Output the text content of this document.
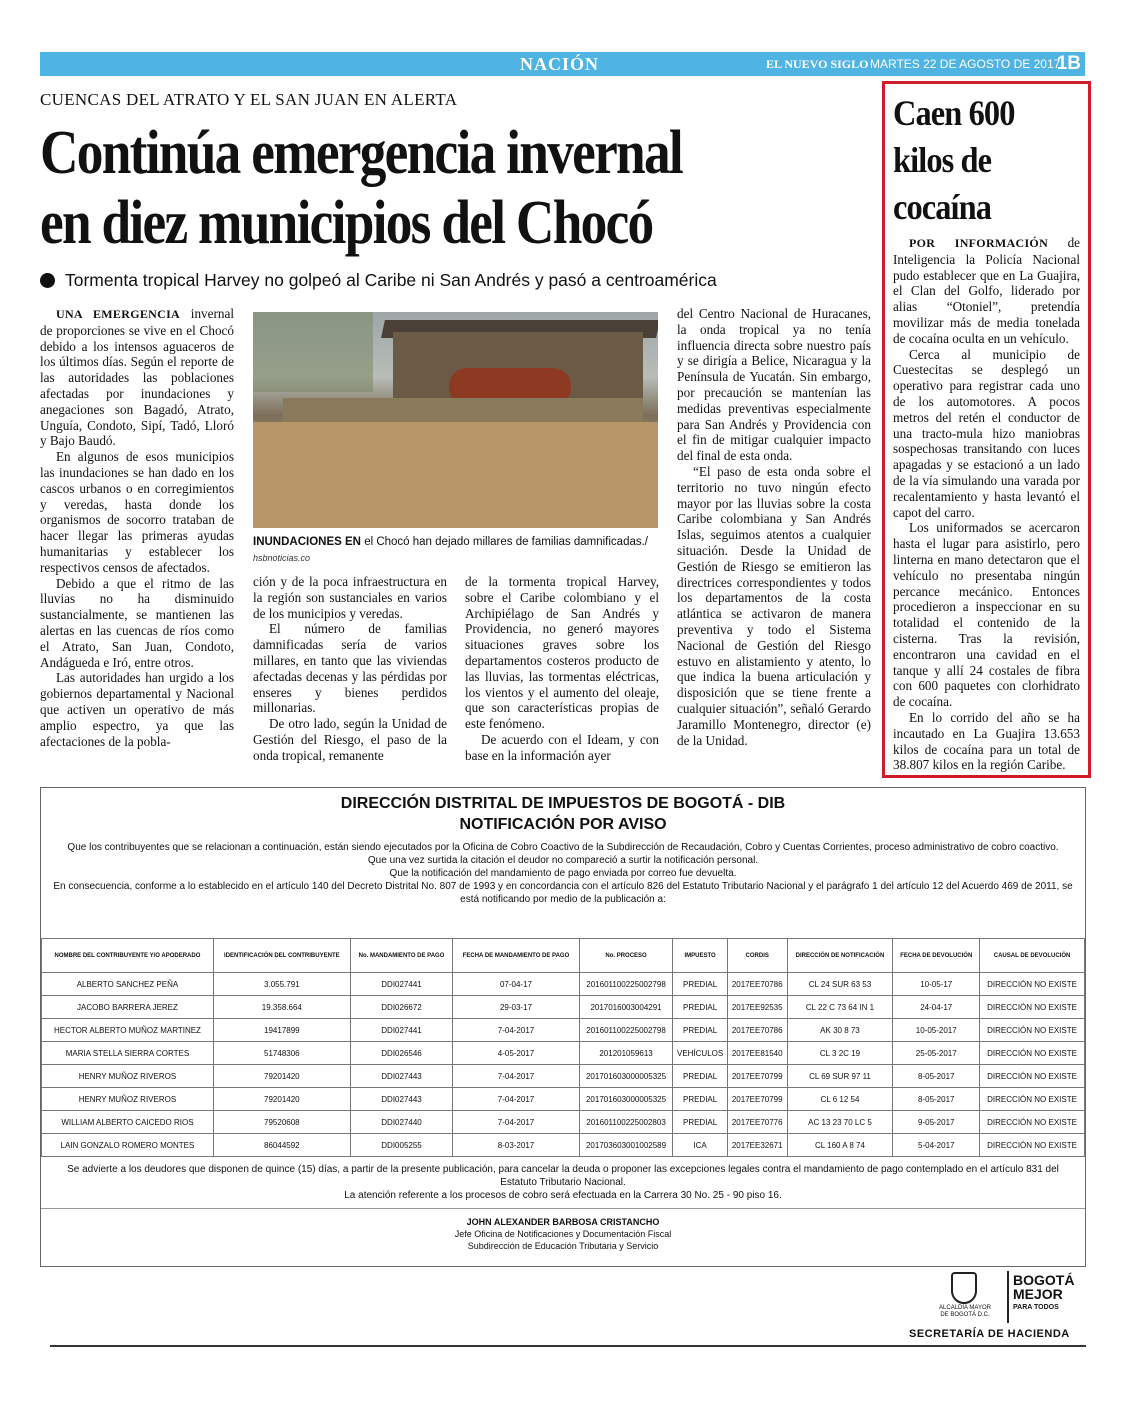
NACIÓN	EL NUEVO SIGLO MARTES 22 DE AGOSTO DE 2017
1B
CUENCAS DEL ATRATO Y EL SAN JUAN EN ALERTA
Continúa emergencia invernal
en diez municipios del Chocó
Tormenta tropical Harvey no golpeó al Caribe ni San Andrés y pasó a centroamérica

UNA EMERGENCIA invernal de proporciones se vive en el Chocó debido a los intensos aguaceros de los últimos días. Según el reporte de las autoridades las poblaciones afectadas por inundaciones y anegaciones son Bagadó, Atrato, Unguía, Condoto, Sipí, Tadó, Lloró y Bajo Baudó.

En algunos de esos municipios las inundaciones se han dado en los cascos urbanos o en corregimientos y veredas, hasta donde los organismos de socorro trataban de hacer llegar las primeras ayudas humanitarias y establecer los respectivos censos de afectados.

Debido a que el ritmo de las lluvias no ha disminuido sustancialmente, se mantienen las alertas en las cuencas de ríos como el Atrato, San Juan, Condoto, Andágueda e Iró, entre otros.

Las autoridades han urgido a los gobiernos departamental y Nacional que activen un operativo de más amplio espectro, ya que las afectaciones de la pobla-

INUNDACIONES EN el Chocó han dejado millares de familias damnificadas./
hsbnoticias.co

ción y de la poca infraestructura en la región son sustanciales en varios de los municipios y veredas.

El número de familias damnificadas sería de varios millares, en tanto que las viviendas afectadas decenas y las pérdidas por enseres y bienes perdidos millonarias.

De otro lado, según la Unidad de Gestión del Riesgo, el paso de la onda tropical, remanente

de la tormenta tropical Harvey, sobre el Caribe colombiano y el Archipiélago de San Andrés y Providencia, no generó mayores situaciones graves sobre los departamentos costeros producto de las lluvias, las tormentas eléctricas, los vientos y el aumento del oleaje, que son características propias de este fenómeno.

De acuerdo con el Ideam, y con base en la información ayer

del Centro Nacional de Huracanes, la onda tropical ya no tenía influencia directa sobre nuestro país y se dirigía a Belice, Nicaragua y la Península de Yucatán. Sin embargo, por precaución se mantenían las medidas preventivas especialmente para San Andrés y Providencia con el fin de mitigar cualquier impacto del final de esta onda.

“El paso de esta onda sobre el territorio no tuvo ningún efecto mayor por las lluvias sobre la costa Caribe colombiana y San Andrés Islas, seguimos atentos a cualquier situación. Desde la Unidad de Gestión de Riesgo se emitieron las directrices correspondientes y todos los departamentos de la costa atlántica se activaron de manera preventiva y todo el Sistema Nacional de Gestión del Riesgo estuvo en alistamiento y atento, lo que indica la buena articulación y disposición que se tiene frente a cualquier situación”, señaló Gerardo Jaramillo Montenegro, director (e) de la Unidad.

Caen 600 kilos de cocaína

POR INFORMACIÓN de Inteligencia la Policía Nacional pudo establecer que en La Guajira, el Clan del Golfo, liderado por alias “Otoniel”, pretendía movilizar más de media tonelada de cocaína oculta en un vehículo.

Cerca al municipio de Cuestecitas se desplegó un operativo para registrar cada uno de los automotores. A pocos metros del retén el conductor de una tracto-mula hizo maniobras sospechosas transitando con luces apagadas y se estacionó a un lado de la vía simulando una varada por recalentamiento y hasta levantó el capot del carro.

Los uniformados se acercaron hasta el lugar para asistirlo, pero linterna en mano detectaron que el vehículo no presentaba ningún percance mecánico. Entonces procedieron a inspeccionar en su totalidad el contenido de la cisterna. Tras la revisión, encontraron una cavidad en el tanque y allí 24 costales de fibra con 600 paquetes con clorhidrato de cocaína.

En lo corrido del año se ha incautado en La Guajira 13.653 kilos de cocaína para un total de 38.807 kilos en la región Caribe.

DIRECCIÓN DISTRITAL DE IMPUESTOS DE BOGOTÁ - DIB
NOTIFICACIÓN POR AVISO
Que los contribuyentes que se relacionan a continuación, están siendo ejecutados por la Oficina de Cobro Coactivo de la Subdirección de Recaudación, Cobro y Cuentas Corrientes, proceso administrativo de cobro coactivo.
Que una vez surtida la citación el deudor no compareció a surtir la notificación personal.
Que la notificación del mandamiento de pago enviada por correo fue devuelta.
En consecuencia, conforme a lo establecido en el artículo 140 del Decreto Distrital No. 807 de 1993 y en concordancia con el artículo 826 del Estatuto Tributario Nacional y el parágrafo 1 del artículo 12 del Acuerdo 469 de 2011, se está notificando por medio de la publicación a:
NOMBRE DEL CONTRIBUYENTE Y/O APODERADO	IDENTIFICACIÓN DEL CONTRIBUYENTE	No. MANDAMIENTO DE PAGO	FECHA DE MANDAMIENTO DE PAGO	No. PROCESO	IMPUESTO	CORDIS	DIRECCIÓN DE NOTIFICACIÓN	FECHA DE DEVOLUCIÓN	CAUSAL DE DEVOLUCIÓN
ALBERTO SANCHEZ PEÑA	3.055.791	DDI027441	07-04-17	201601100225002798	PREDIAL	2017EE70786	CL 24 SUR 63 53	10-05-17	DIRECCIÓN NO EXISTE
JACOBO BARRERA JEREZ	19.358.664	DDI026672	29-03-17	2017016003004291	PREDIAL	2017EE92535	CL 22 C 73 64 IN 1	24-04-17	DIRECCIÓN NO EXISTE
HECTOR ALBERTO MUÑOZ MARTINEZ	19417899	DDI027441	7-04-2017	201601100225002798	PREDIAL	2017EE70786	AK 30 8 73	10-05-2017	DIRECCIÓN NO EXISTE
MARIA STELLA SIERRA CORTES	51748306	DDI026546	4-05-2017	201201059613	VEHÍCULOS	2017EE81540	CL 3 2C 19	25-05-2017	DIRECCIÓN NO EXISTE
HENRY MUÑOZ RIVEROS	79201420	DDI027443	7-04-2017	201701603000005325	PREDIAL	2017EE70799	CL 69 SUR 97 11	8-05-2017	DIRECCIÓN NO EXISTE
HENRY MUÑOZ RIVEROS	79201420	DDI027443	7-04-2017	201701603000005325	PREDIAL	2017EE70799	CL 6 12 54	8-05-2017	DIRECCIÓN NO EXISTE
WILLIAM ALBERTO CAICEDO RIOS	79520608	DDI027440	7-04-2017	201601100225002803	PREDIAL	2017EE70776	AC 13 23 70 LC 5	9-05-2017	DIRECCIÓN NO EXISTE
LAIN GONZALO ROMERO MONTES	86044592	DDI005255	8-03-2017	201703603001002589	ICA	2017EE32671	CL 160 A 8 74	5-04-2017	DIRECCIÓN NO EXISTE
Se advierte a los deudores que disponen de quince (15) días, a partir de la presente publicación, para cancelar la deuda o proponer las excepciones legales contra el mandamiento de pago contemplado en el artículo 831 del Estatuto Tributario Nacional.
La atención referente a los procesos de cobro será efectuada en la Carrera 30 No. 25 - 90 piso 16.
JOHN ALEXANDER BARBOSA CRISTANCHO
Jefe Oficina de Notificaciones y Documentación Fiscal
Subdirección de Educación Tributaria y Servicio
ALCALDÍA MAYOR
DE BOGOTÁ D.C.
BOGOTÁ
MEJOR
PARA TODOS
SECRETARÍA DE HACIENDA
